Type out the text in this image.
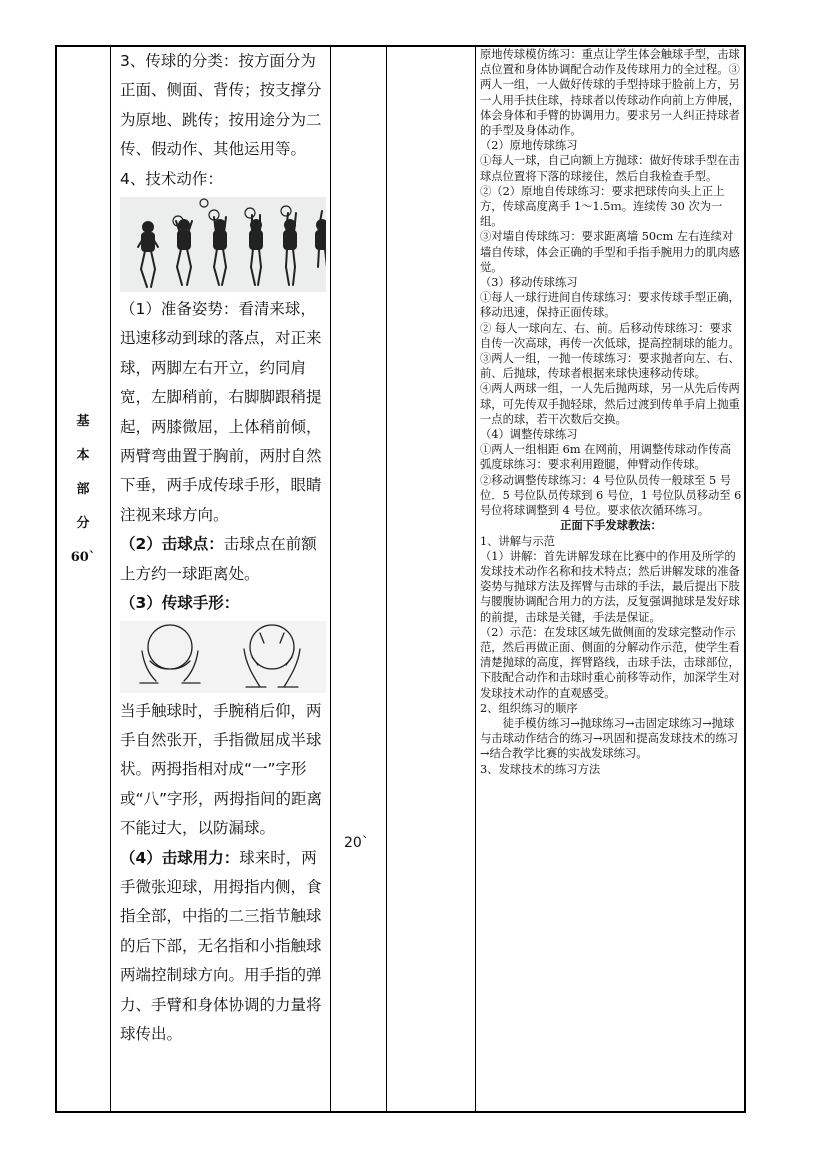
基
本
部
分
60`

3、传球的分类：按方面分为正面、侧面、背传；按支撑分为原地、跳传；按用途分为二传、假动作、其他运用等。

4、技术动作：

（1）准备姿势：看清来球，迅速移动到球的落点，对正来球，两脚左右开立，约同肩宽，左脚稍前，右脚脚跟稍提起，两膝微屈，上体稍前倾，两臂弯曲置于胸前，两肘自然下垂，两手成传球手形，眼睛注视来球方向。

（2）击球点：击球点在前额上方约一球距离处。

（3）传球手形：

当手触球时，手腕稍后仰，两手自然张开，手指微屈成半球状。两拇指相对成“一”字形或“八”字形，两拇指间的距离不能过大，以防漏球。

（4）击球用力：球来时，两手微张迎球，用拇指内侧，食指全部，中指的二三指节触球的后下部，无名指和小指触球两端控制球方向。用手指的弹力、手臂和身体协调的力量将球传出。

20`

原地传球模仿练习：重点让学生体会触球手型，击球点位置和身体协调配合动作及传球用力的全过程。③两人一组，一人做好传球的手型持球于脸前上方，另一人用手扶住球，持球者以传球动作向前上方伸展，体会身体和手臂的协调用力。要求另一人纠正持球者的手型及身体动作。

（2）原地传球练习

①每人一球，自己向额上方抛球：做好传球手型在击球点位置将下落的球接住，然后自我检查手型。

②（2）原地自传球练习：要求把球传向头上正上方，传球高度离手 1～1.5ｍ。连续传 30 次为一组。

③对墙自传球练习：要求距离墙 50cm 左右连续对墙自传球，体会正确的手型和手指手腕用力的肌肉感觉。

（3）移动传球练习

①每人一球行进间自传球练习：要求传球手型正确，移动迅速，保持正面传球。

② 每人一球向左、右、前。后移动传球练习：要求自传一次高球，再传一次低球，提高控制球的能力。③两人一组，一抛一传球练习：要求抛者向左、右、前、后抛球，传球者根据来球快速移动传球。

④两人两球一组，一人先后抛两球，另一从先后传两球，可先传双手抛轻球，然后过渡到传单手肩上抛重一点的球，若干次数后交换。

（4）调整传球练习

①两人一组相距 6m 在网前，用调整传球动作传高弧度球练习：要求利用蹬腿，伸臂动作传球。

②移动调整传球练习：4 号位队员传一般球至 5 号位．5 号位队员传球到 6 号位，1 号位队员移动至 6 号位将球调整到 4 号位。要求依次循环练习。

正面下手发球教法：

1、讲解与示范

（1）讲解：首先讲解发球在比赛中的作用及所学的发球技术动作名称和技术特点；然后讲解发球的准备姿势与抛球方法及挥臂与击球的手法，最后提出下肢与腰腹协调配合用力的方法，反复强调抛球是发好球的前提，击球是关键，手法是保证。

（2）示范：在发球区域先做侧面的发球完整动作示范，然后再做正面、侧面的分解动作示范，使学生看清楚抛球的高度，挥臂路线，击球手法，击球部位，下肢配合动作和击球时重心前移等动作，加深学生对发球技术动作的直观感受。

2、组织练习的顺序

　　徒手模仿练习→抛球练习→击固定球练习→抛球与击球动作结合的练习→巩固和提高发球技术的练习→结合教学比赛的实战发球练习。

3、发球技术的练习方法
